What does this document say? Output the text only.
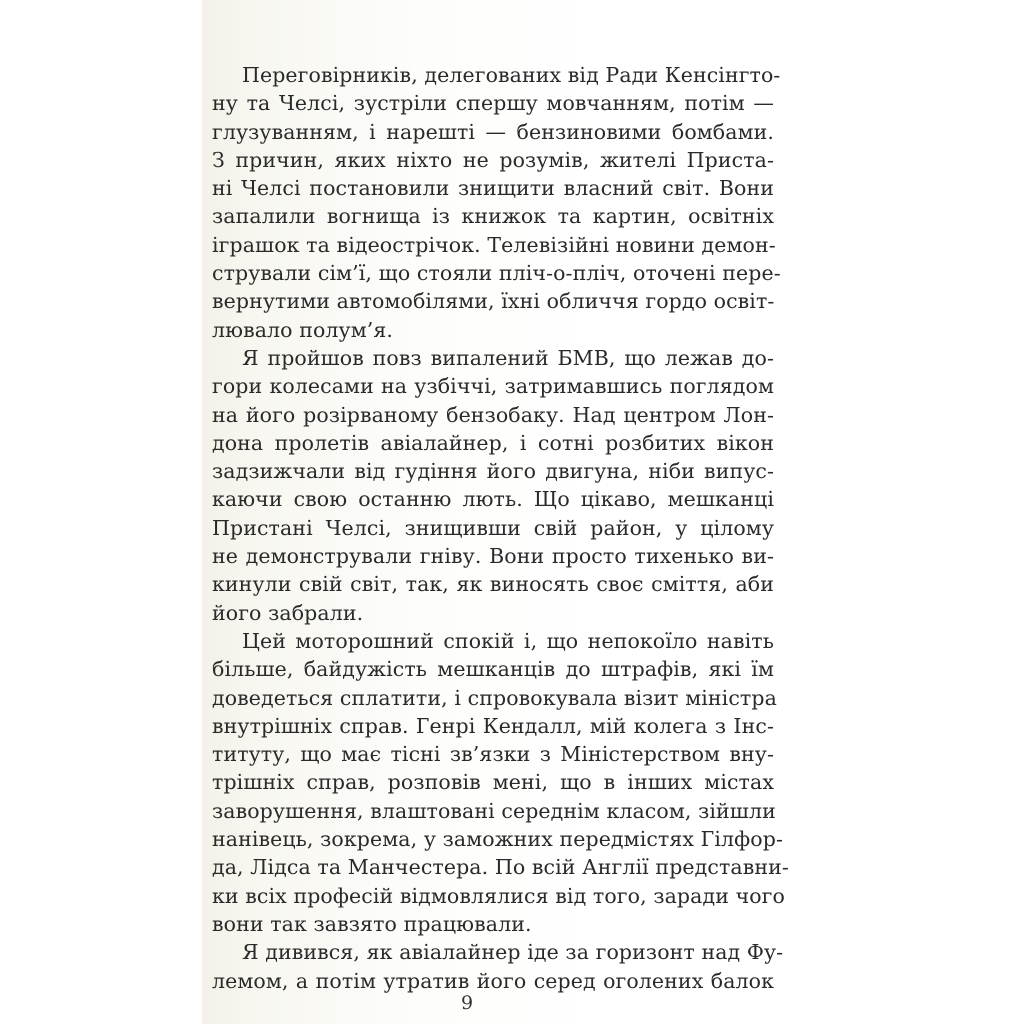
Переговірників, делегованих від Ради Кенсінгто-
ну та Челсі, зустріли спершу мовчанням, потім —
глузуванням, і нарешті — бензиновими бомбами.
З причин, яких ніхто не розумів, жителі Приста-
ні Челсі постановили знищити власний світ. Вони
запалили вогнища із книжок та картин, освітніх
іграшок та відеострічок. Телевізійні новини демон-
стрували сім’ї, що стояли пліч-о-пліч, оточені пере-
вернутими автомобілями, їхні обличчя гордо освіт-
лювало полум’я.
Я пройшов повз випалений БМВ, що лежав до-
гори колесами на узбіччі, затримавшись поглядом
на його розірваному бензобаку. Над центром Лон-
дона пролетів авіалайнер, і сотні розбитих вікон
задзижчали від гудіння його двигуна, ніби випус-
каючи свою останню лють. Що цікаво, мешканці
Пристані Челсі, знищивши свій район, у цілому
не демонстрували гніву. Вони просто тихенько ви-
кинули свій світ, так, як виносять своє сміття, аби
його забрали.
Цей моторошний спокій і, що непокоїло навіть
більше, байдужість мешканців до штрафів, які їм
доведеться сплатити, і спровокувала візит міністра
внутрішніх справ. Генрі Кендалл, мій колега з Інс-
титуту, що має тісні зв’язки з Міністерством вну-
трішніх справ, розповів мені, що в інших містах
заворушення, влаштовані середнім класом, зійшли
нанівець, зокрема, у заможних передмістях Гілфор-
да, Лідса та Манчестера. По всій Англії представни-
ки всіх професій відмовлялися від того, заради чого
вони так завзято працювали.
Я дивився, як авіалайнер іде за горизонт над Фу-
лемом, а потім утратив його серед оголених балок
9
